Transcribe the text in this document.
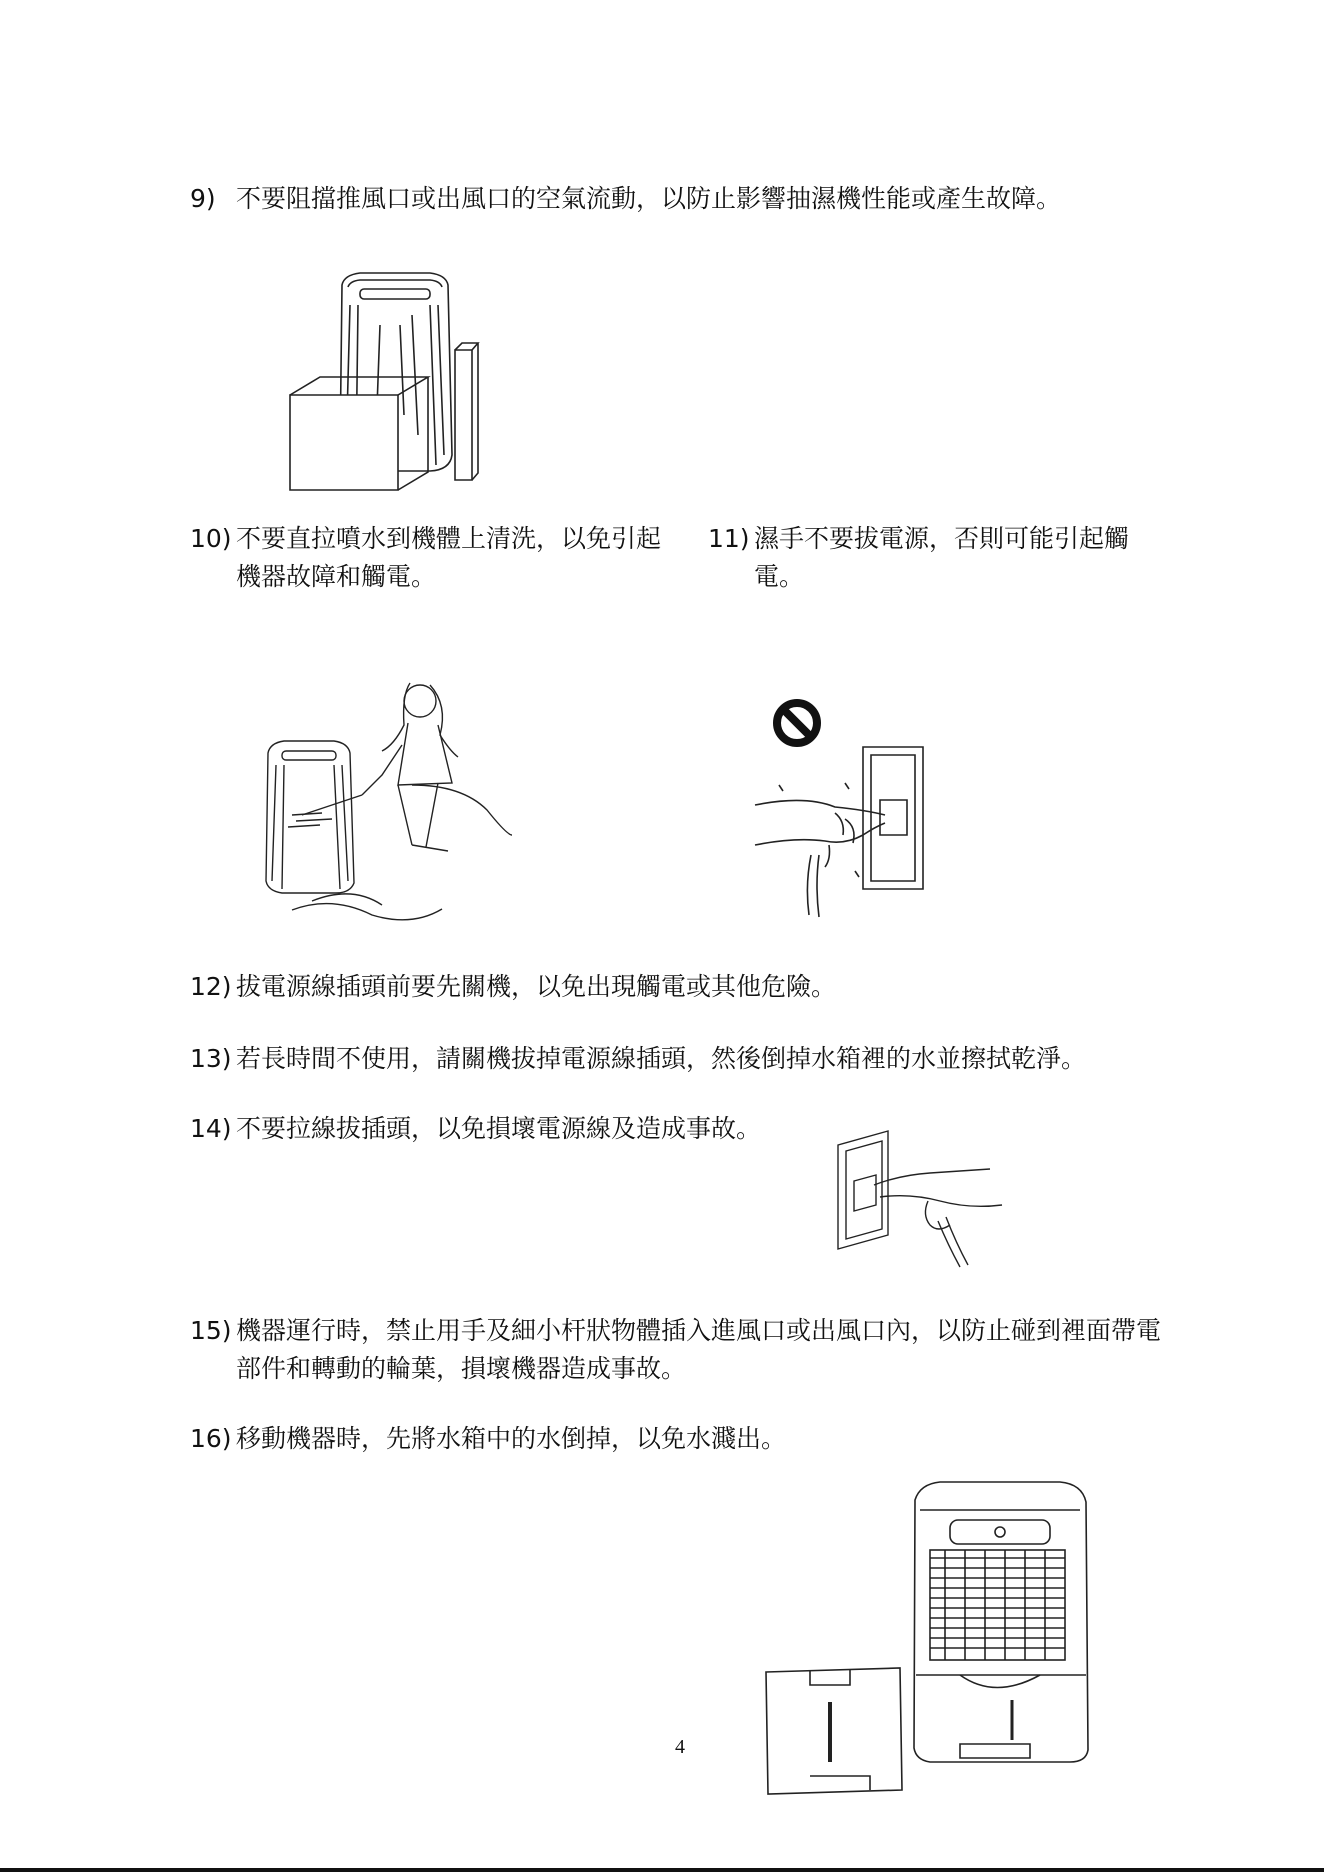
9) 不要阻擋推風口或出風口的空氣流動，以防止影響抽濕機性能或產生故障。
10) 不要直拉噴水到機體上清洗，以免引起機器故障和觸電。
11) 濕手不要拔電源，否則可能引起觸電。
12) 拔電源線插頭前要先關機，以免出現觸電或其他危險。
13) 若長時間不使用，請關機拔掉電源線插頭，然後倒掉水箱裡的水並擦拭乾淨。
14) 不要拉線拔插頭，以免損壞電源線及造成事故。
15) 機器運行時，禁止用手及細小杆狀物體插入進風口或出風口內，以防止碰到裡面帶電部件和轉動的輪葉，損壞機器造成事故。
16) 移動機器時，先將水箱中的水倒掉，以免水濺出。
4
